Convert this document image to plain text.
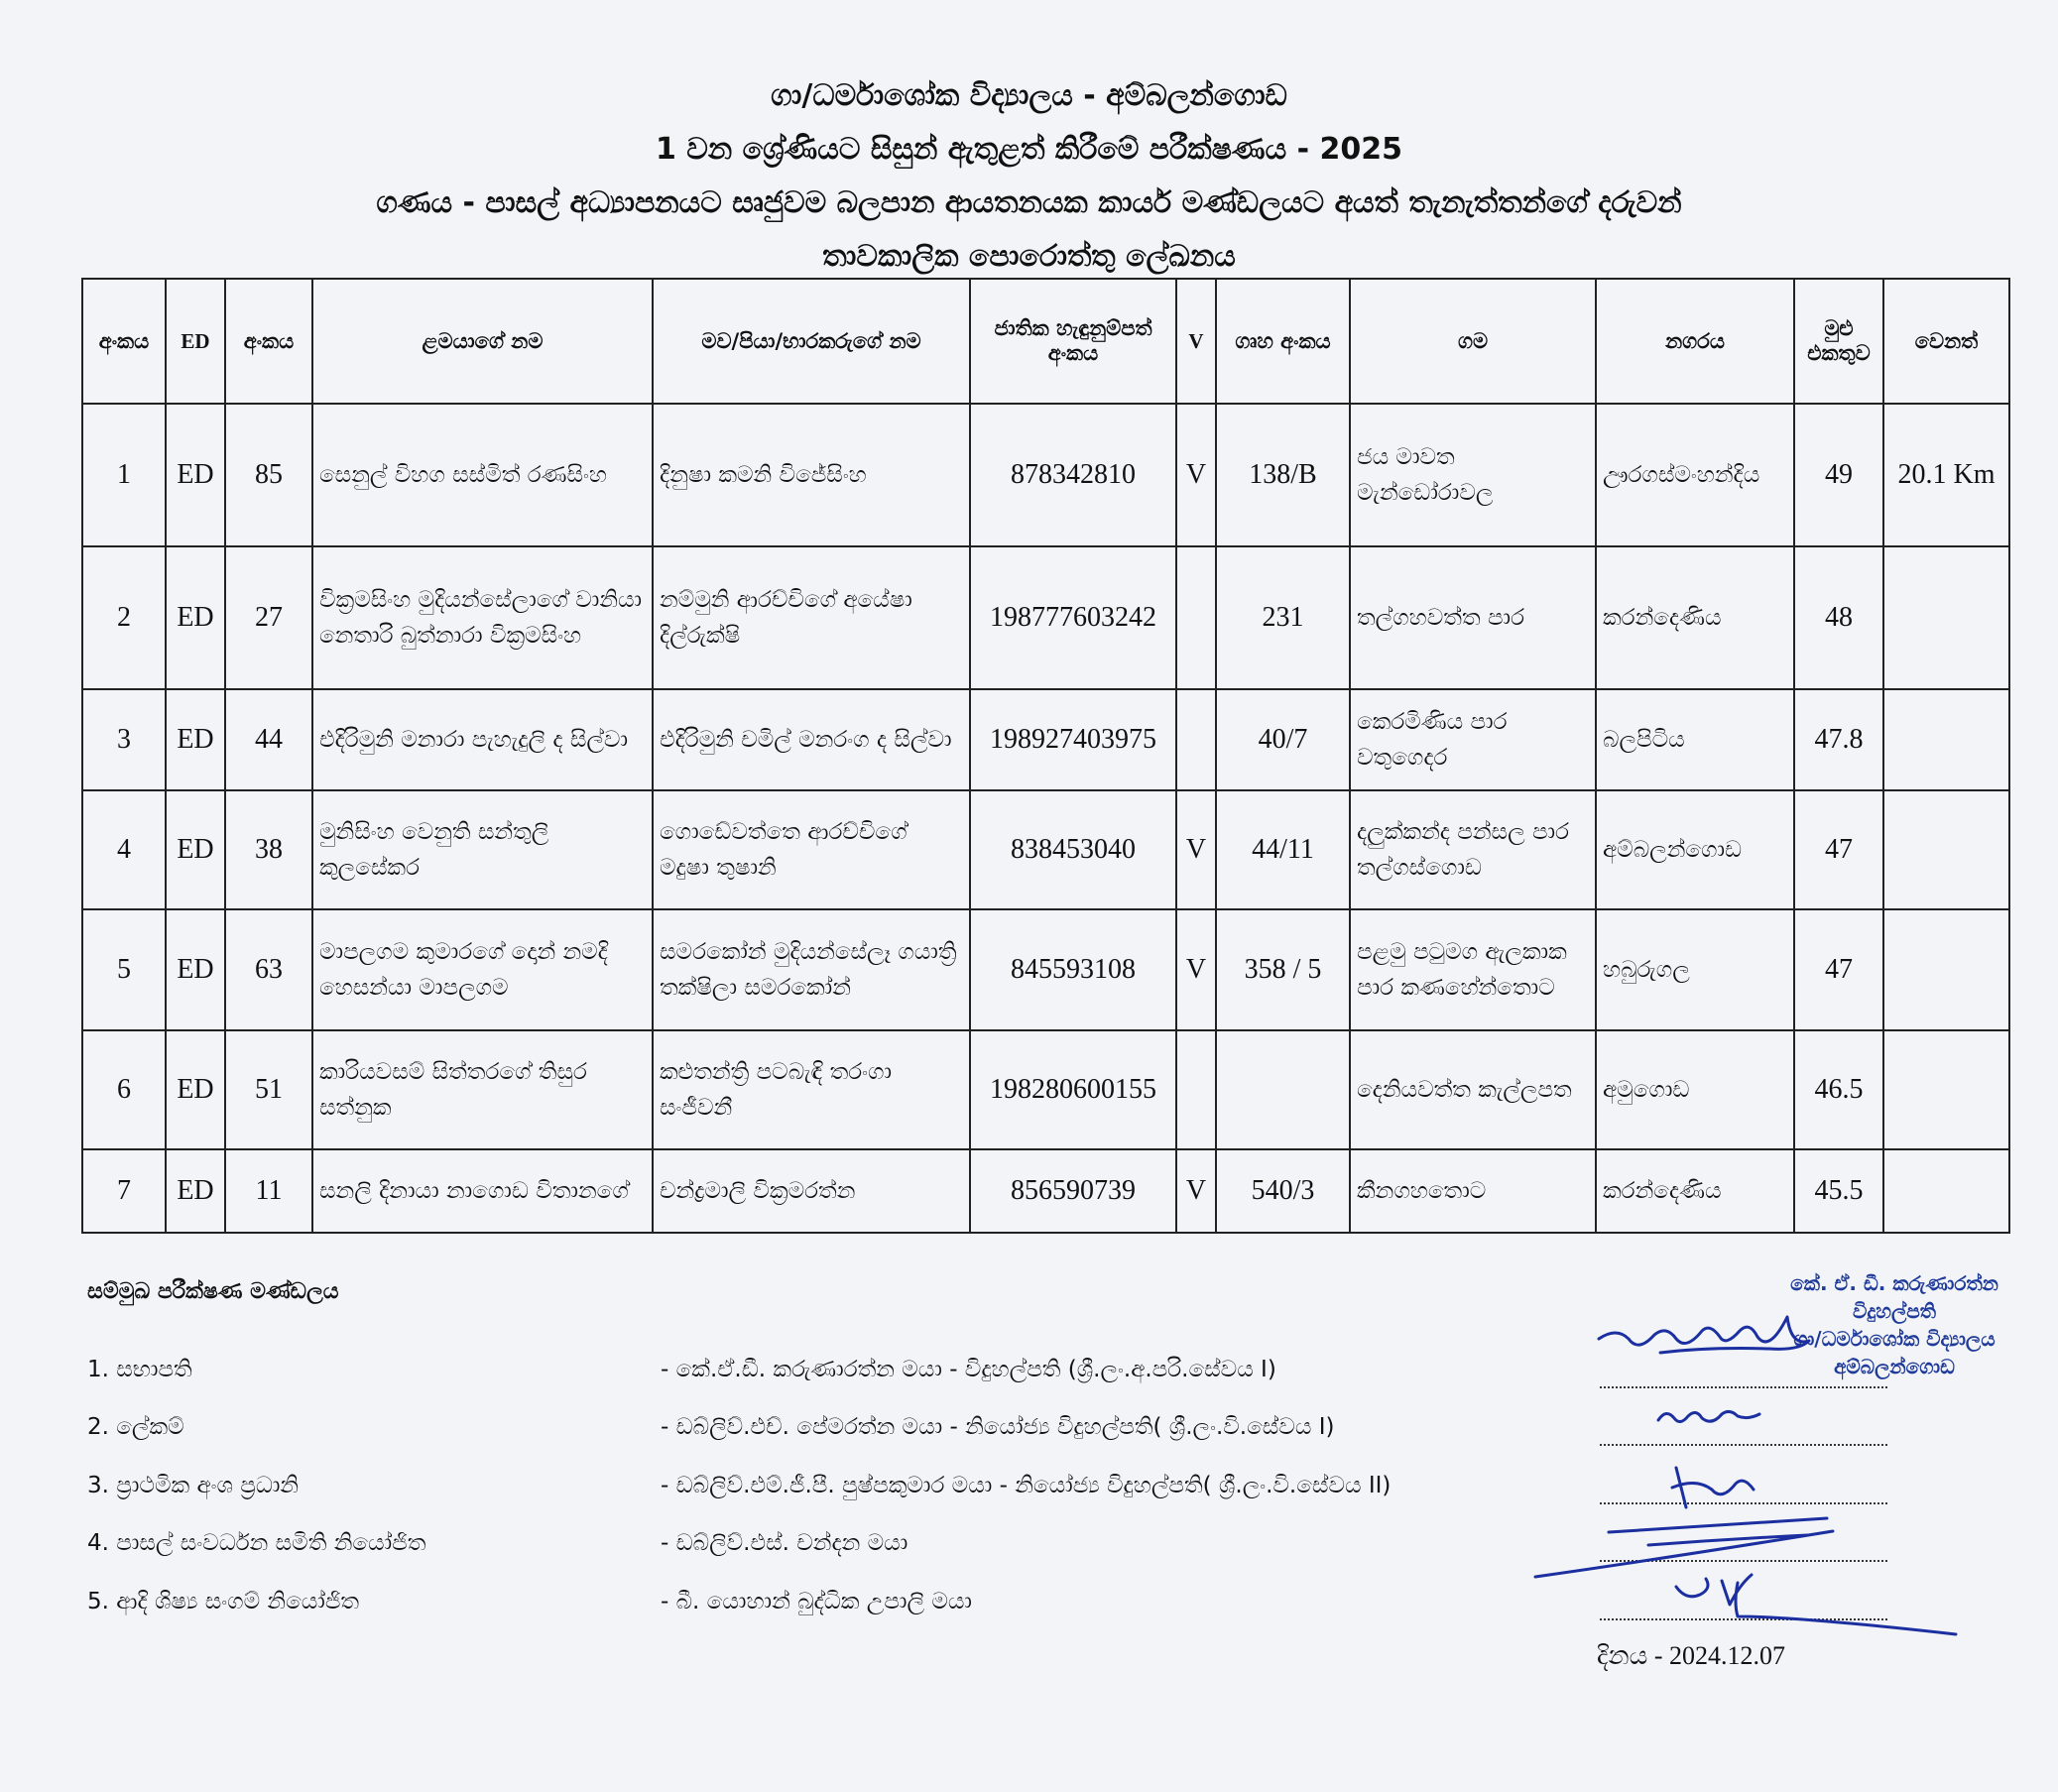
ගා/ධර්මාශෝක විද්‍යාලය - අම්බලන්ගොඩ
1 වන ශ්‍රේණියට සිසුන් ඇතුළත් කිරීමේ පරීක්ෂණය - 2025
ගණය - පාසල් අධ්‍යාපනයට සෘජුවම බලපාන ආයතනයක කාර්ය මණ්ඩලයට අයත් තැනැත්තන්ගේ දරුවන්
තාවකාලික පොරොත්තු ලේඛනය
අංකය	ED	අංකය	ළමයාගේ නම	මව/පියා/භාරකරුගේ නම	ජාතික හැඳුනුම්පත් අංකය	V	ගෘහ අංකය	ගම	නගරය	මුළු එකතුව	වෙනත්
1	ED	85	සෙනුල් විහග සස්මිත් රණසිංහ	දිනුෂා කමනි විජේසිංහ	878342810	V	138/B	ජය මාවත මැන්ඩෝරාවල	ඌරගස්මංහන්දිය	49	20.1 Km
2	ED	27	වික්‍රමසිංහ මුදියන්සේලාගේ වානියා නෙතාරි බුත්නාරා වික්‍රමසිංහ	නම්මුනි ආරච්චිගේ අයේෂා දිල්රුක්ෂි	198777603242		231	තල්ගහවත්ත පාර	කරන්දෙණිය	48	
3	ED	44	එදිරිමුනි මනාරා පැහැදුලි ද සිල්වා	එදිරිමුනි චමිල් මනරංග ද සිල්වා	198927403975		40/7	කෙරමිණිය පාර වතුගෙදර	බලපිටිය	47.8	
4	ED	38	මුනිසිංහ වෙනුති සන්තුලි කුලසේකර	ගොඩේවත්තෙ ආරච්චිගේ මදුෂා තුෂානි	838453040	V	44/11	දලුක්කන්ද පන්සල පාර තල්ගස්ගොඩ	අම්බලන්ගොඩ	47	
5	ED	63	මාපලගම කුමාරගේ දොන් නමදි හෙසන්යා මාපලගම	සමරකෝන් මුදියන්සේලෑ ගයාත්‍රි තක්ෂිලා සමරකෝන්	845593108	V	358 / 5	පළමු පටුමග ඇලකාක පාර කණහේන්තොට	හබුරුගල	47	
6	ED	51	කාරියවසම් සිත්තරගේ තිසුර සත්නුක	කළුතන්ත්‍රි පටබැඳි තරංගා සංජීවනී	198280600155			දෙනියවත්ත කැල්ලපත	අමුගොඩ	46.5	
7	ED	11	සනලි දිනායා නාගොඩ විතානගේ	චන්ද්‍රමාලි වික්‍රමරත්න	856590739	V	540/3	කීනගහතොට	කරන්දෙණිය	45.5	
සම්මුඛ පරීක්ෂණ මණ්ඩලය
1. සභාපති	- කේ.ඒ.ඩී. කරුණාරත්න මයා - විදුහල්පති (ශ්‍රී.ලං.අ.පරි.සේවය I)
2. ලේකම්	- ඩබ්ලිව්.එච්. පේමරත්න මයා - නියෝජ්‍ය විදුහල්පති( ශ්‍රී.ලං.වි.සේවය I)
3. ප්‍රාථමික අංශ ප්‍රධානි	- ඩබ්ලිව්.එම්.ජී.පී. පුෂ්පකුමාර මයා - නියෝජ්‍ය විදුහල්පති( ශ්‍රී.ලං.වි.සේවය II)
4. පාසල් සංවර්ධන සමිති නියෝජිත	- ඩබ්ලිව්.එස්. චන්දන මයා
5. ආදි ශිෂ්‍ය සංගම් නියෝජිත	- බී. යොහාන් බුද්ධික උපාලි මයා
කේ. ඒ. ඩී. කරුණාරත්න
විදුහල්පති
ගා/ධර්මාශෝක විද්‍යාලය
අම්බලන්ගොඩ
දිනය - 2024.12.07
